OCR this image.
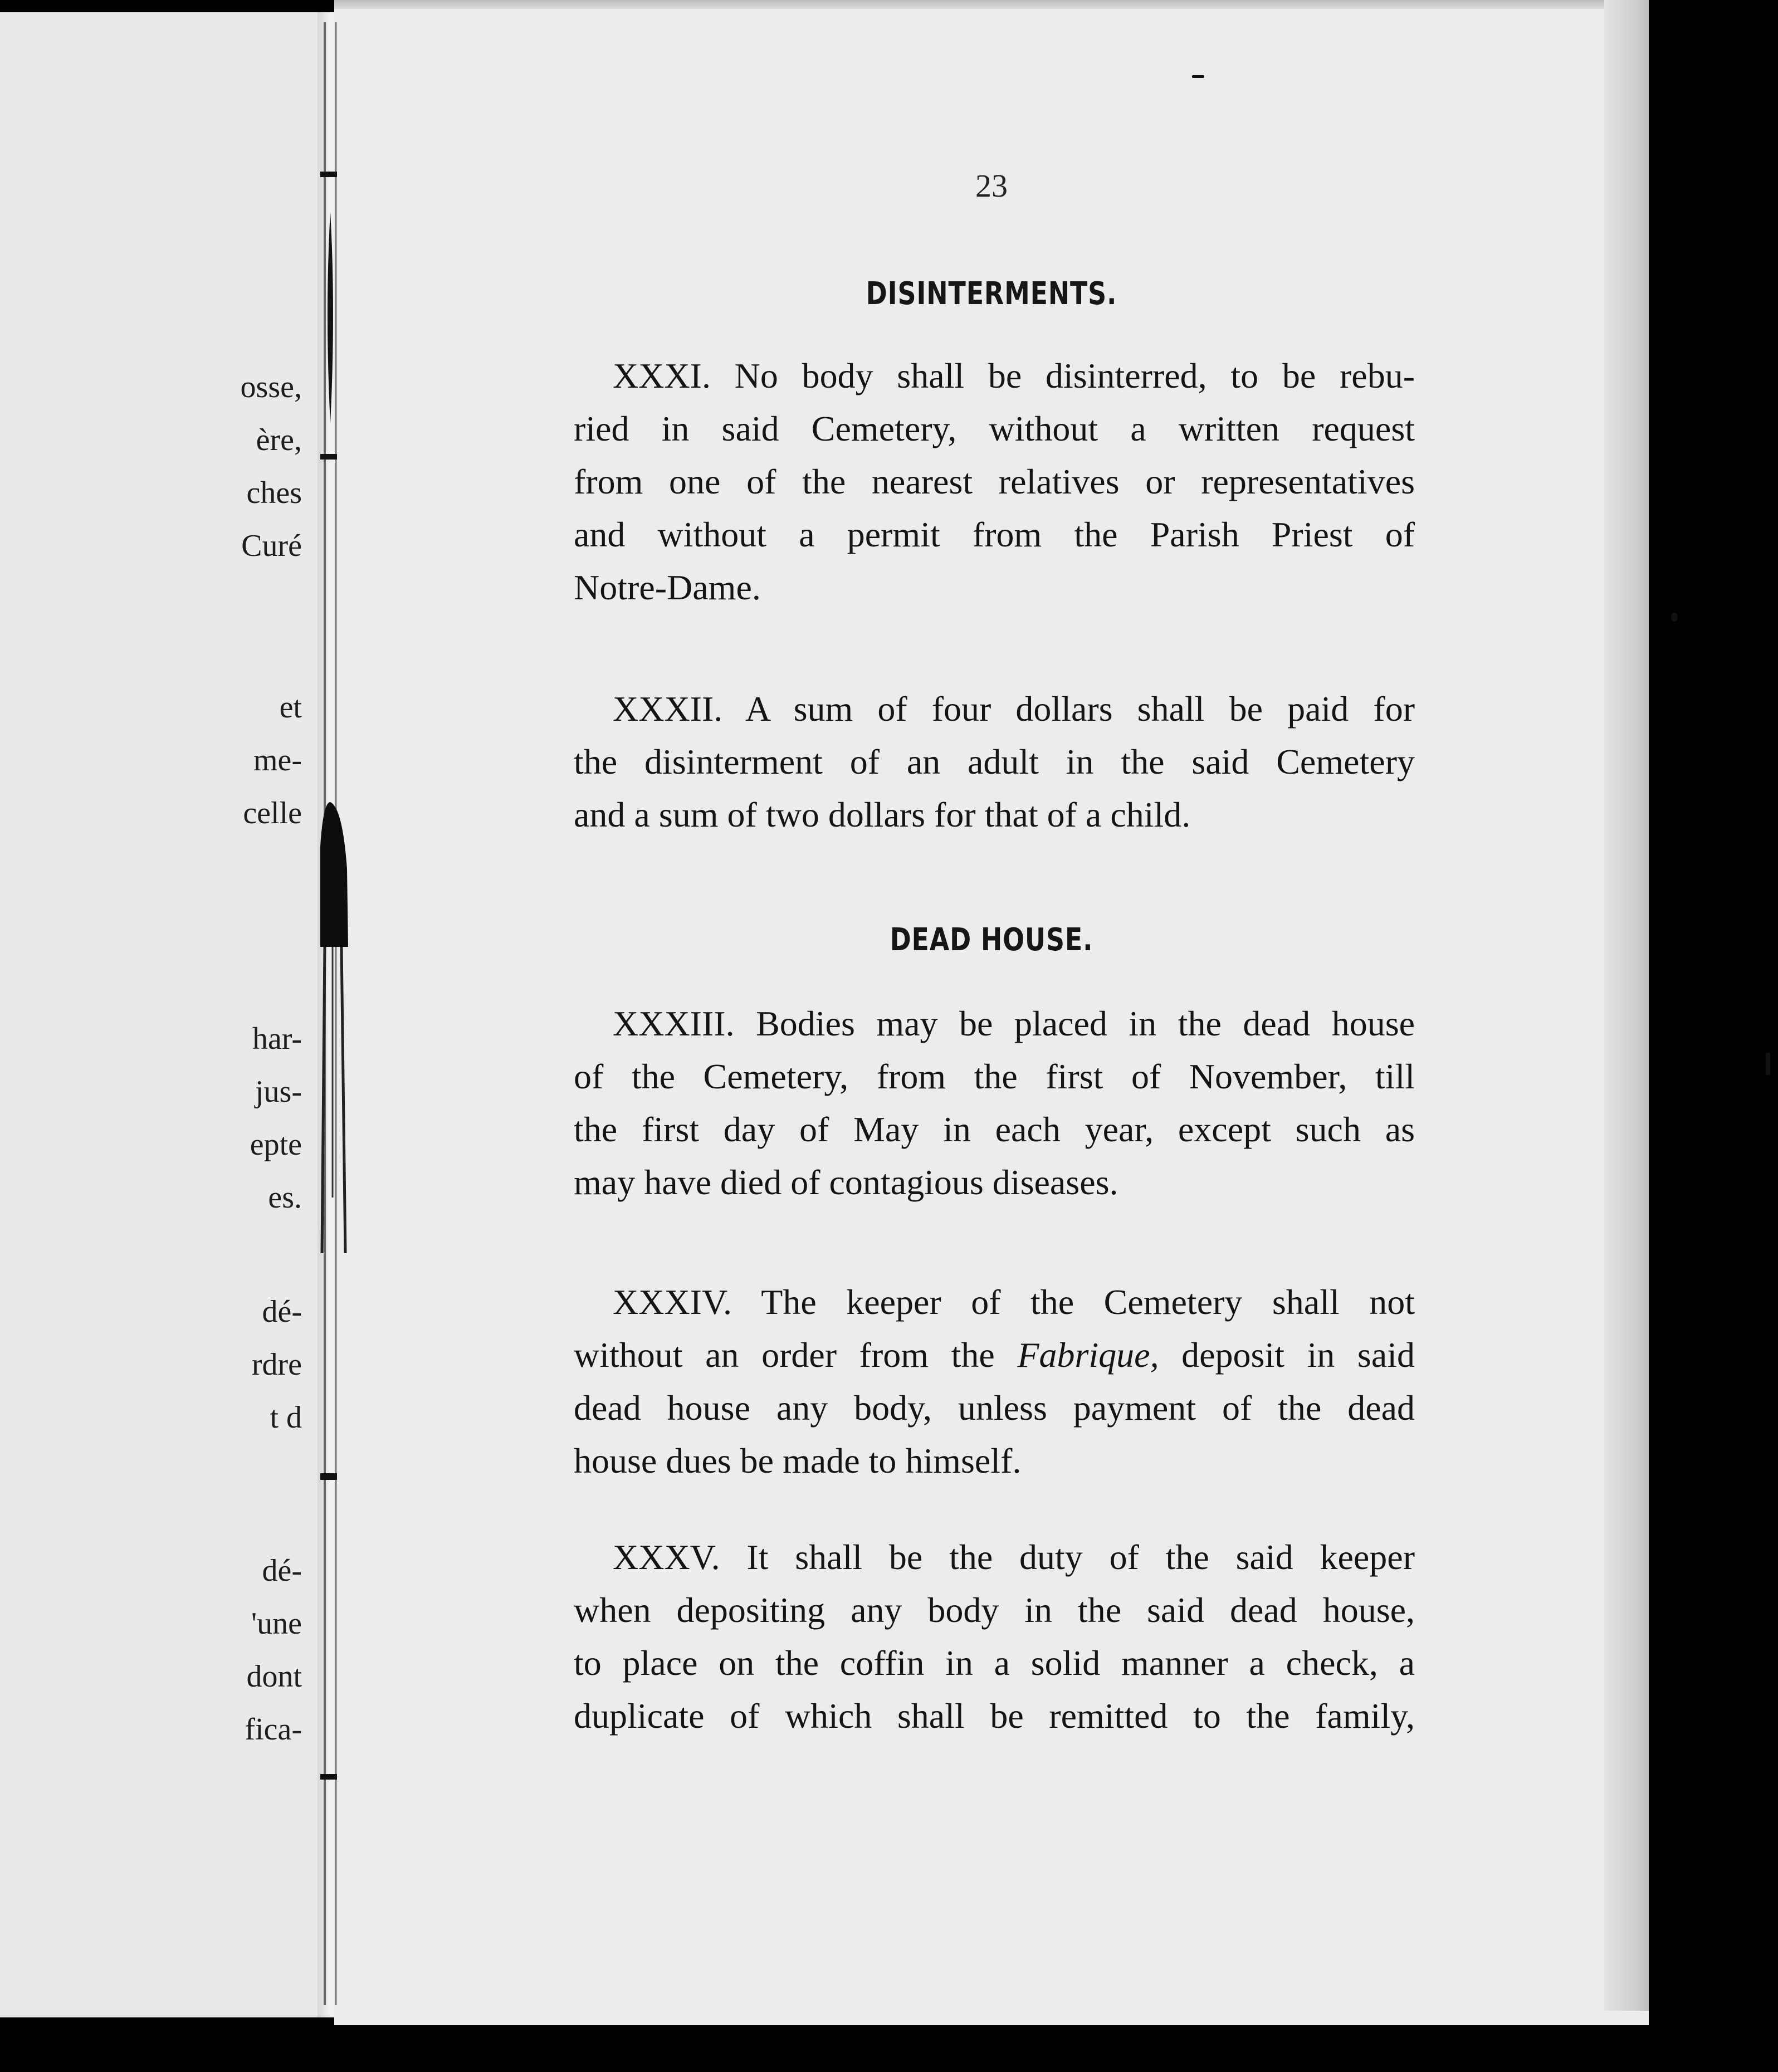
osse,
ère,
ches
Curé
et
me-
celle
har-
jus-
epte
es.
dé-
rdre
t d
dé-
'une
dont
fica-
23
DISINTERMENTS.
XXXI. No body shall be disinterred, to be rebu-
ried in said Cemetery, without a written request
from one of the nearest relatives or representatives
and without a permit from the Parish Priest of
Notre-Dame.
XXXII. A sum of four dollars shall be paid for
the disinterment of an adult in the said Cemetery
and a sum of two dollars for that of a child.
DEAD HOUSE.
XXXIII. Bodies may be placed in the dead house
of the Cemetery, from the first of November, till
the first day of May in each year, except such as
may have died of contagious diseases.
XXXIV. The keeper of the Cemetery shall not
without an order from the Fabrique, deposit in said
dead house any body, unless payment of the dead
house dues be made to himself.
XXXV. It shall be the duty of the said keeper
when depositing any body in the said dead house,
to place on the coffin in a solid manner a check, a
duplicate of which shall be remitted to the family,
